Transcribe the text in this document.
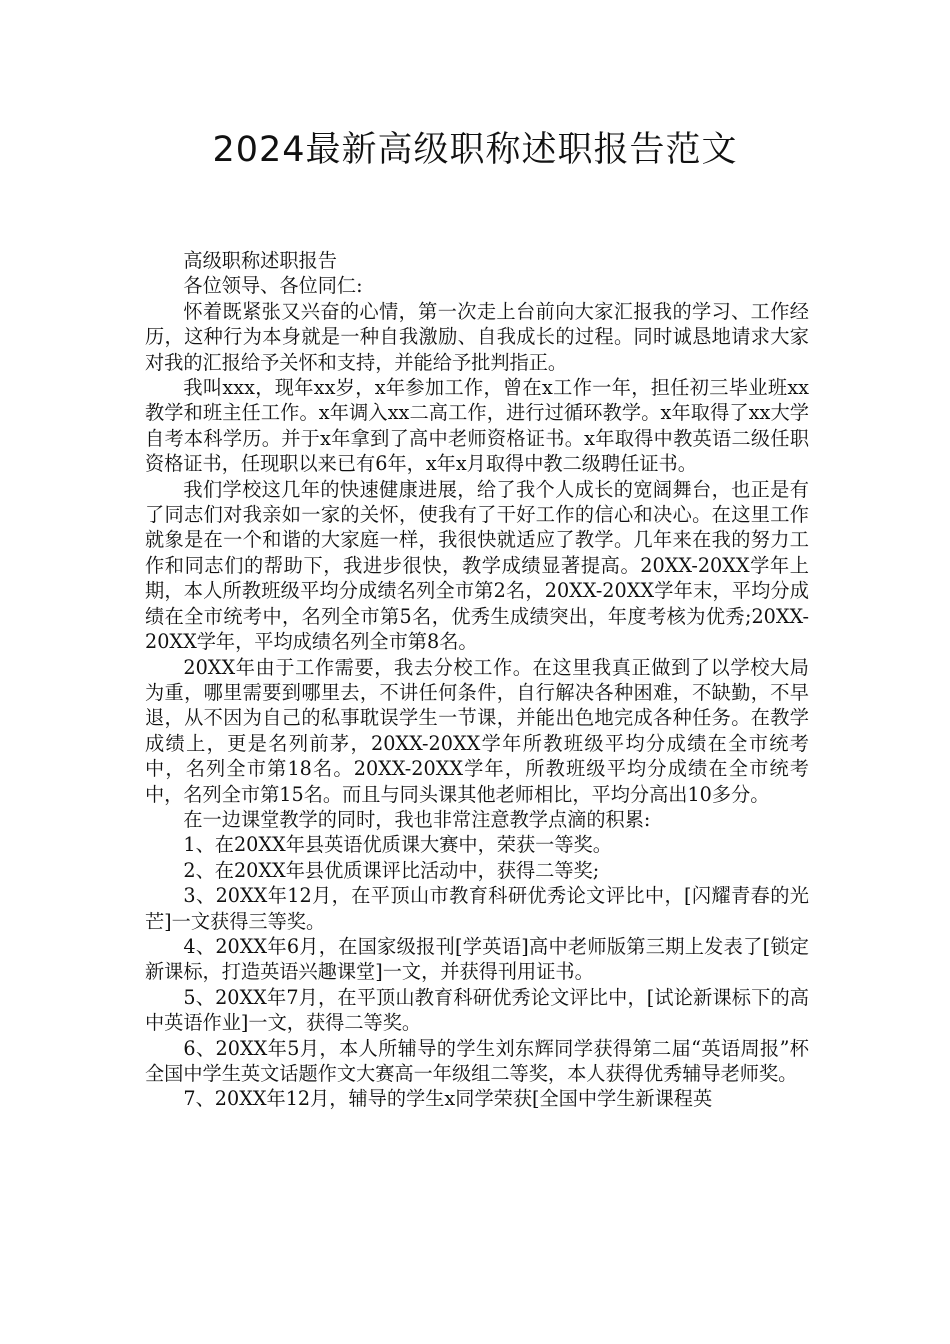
2024最新高级职称述职报告范文

高级职称述职报告

各位领导、各位同仁:

怀着既紧张又兴奋的心情，第一次走上台前向大家汇报我的学习、工作经历，这种行为本身就是一种自我激励、自我成长的过程。同时诚恳地请求大家对我的汇报给予关怀和支持，并能给予批判指正。

我叫xxx，现年xx岁，x年参加工作，曾在x工作一年，担任初三毕业班xx教学和班主任工作。x年调入xx二高工作，进行过循环教学。x年取得了xx大学自考本科学历。并于x年拿到了高中老师资格证书。x年取得中教英语二级任职资格证书，任现职以来已有6年，x年x月取得中教二级聘任证书。

我们学校这几年的快速健康进展，给了我个人成长的宽阔舞台，也正是有了同志们对我亲如一家的关怀，使我有了干好工作的信心和决心。在这里工作就象是在一个和谐的大家庭一样，我很快就适应了教学。几年来在我的努力工作和同志们的帮助下，我进步很快，教学成绩显著提高。20XX-20XX学年上期，本人所教班级平均分成绩名列全市第2名，20XX-20XX学年末，平均分成绩在全市统考中，名列全市第5名，优秀生成绩突出，年度考核为优秀;20XX-20XX学年，平均成绩名列全市第8名。

20XX年由于工作需要，我去分校工作。在这里我真正做到了以学校大局为重，哪里需要到哪里去，不讲任何条件，自行解决各种困难，不缺勤，不早退，从不因为自己的私事耽误学生一节课，并能出色地完成各种任务。在教学成绩上，更是名列前茅，20XX-20XX学年所教班级平均分成绩在全市统考中，名列全市第18名。20XX-20XX学年，所教班级平均分成绩在全市统考中，名列全市第15名。而且与同头课其他老师相比，平均分高出10多分。

在一边课堂教学的同时，我也非常注意教学点滴的积累:

1、在20XX年县英语优质课大赛中，荣获一等奖。

2、在20XX年县优质课评比活动中，获得二等奖;

3、20XX年12月，在平顶山市教育科研优秀论文评比中，[闪耀青春的光芒]一文获得三等奖。

4、20XX年6月，在国家级报刊[学英语]高中老师版第三期上发表了[锁定新课标，打造英语兴趣课堂]一文，并获得刊用证书。

5、20XX年7月，在平顶山教育科研优秀论文评比中，[试论新课标下的高中英语作业]一文，获得二等奖。

6、20XX年5月，本人所辅导的学生刘东辉同学获得第二届“英语周报”杯全国中学生英文话题作文大赛高一年级组二等奖，本人获得优秀辅导老师奖。

7、20XX年12月，辅导的学生x同学荣获[全国中学生新课程英
